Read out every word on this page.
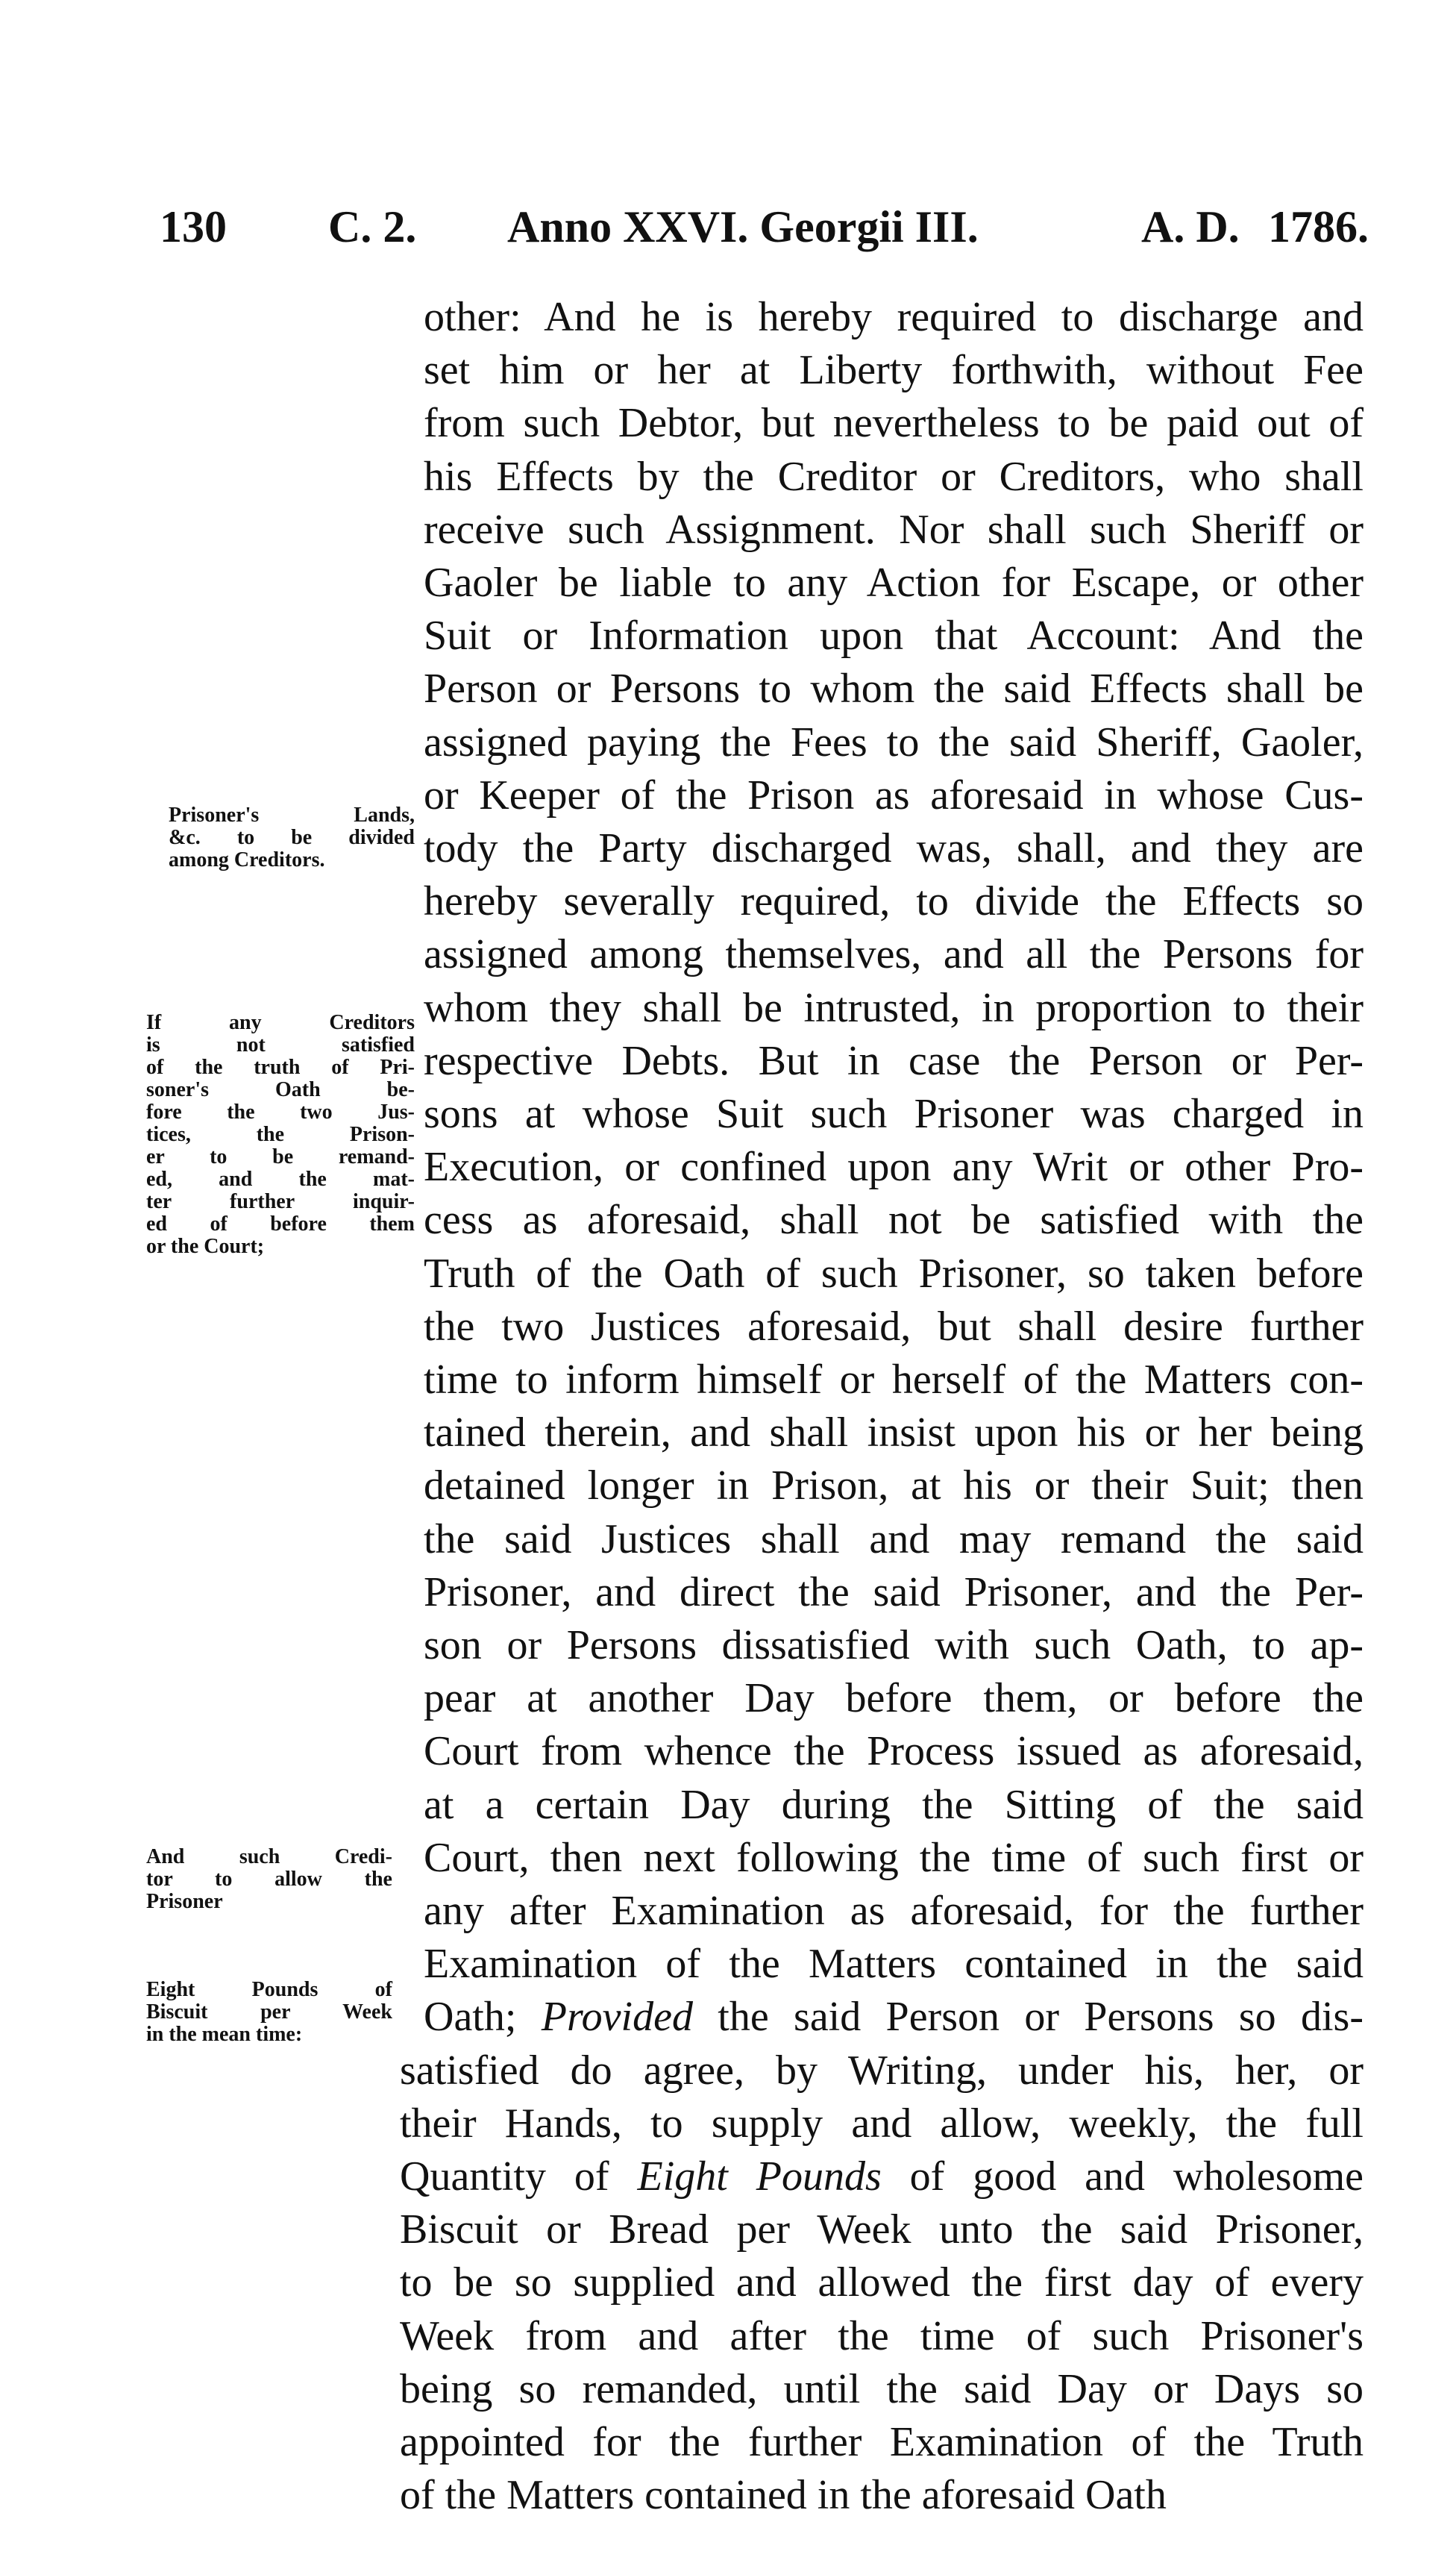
130 C. 2. Anno XXVI. Georgii III.	A. D. 1786.
other: And he is hereby required to discharge and
set him or her at Liberty forthwith, without Fee
from such Debtor, but nevertheless to be paid out of
his Effects by the Creditor or Creditors, who shall
receive such Assignment. Nor shall such Sheriff or
Gaoler be liable to any Action for Escape, or other
Suit or Information upon that Account: And the
Person or Persons to whom the said Effects shall be
assigned paying the Fees to the said Sheriff, Gaoler,
or Keeper of the Prison as aforesaid in whose Cus-
tody the Party discharged was, shall, and they are
hereby severally required, to divide the Effects so
assigned among themselves, and all the Persons for
whom they shall be intrusted, in proportion to their
respective Debts. But in case the Person or Per-
sons at whose Suit such Prisoner was charged in
Execution, or confined upon any Writ or other Pro-
cess as aforesaid, shall not be satisfied with the
Truth of the Oath of such Prisoner, so taken before
the two Justices aforesaid, but shall desire further
time to inform himself or herself of the Matters con-
tained therein, and shall insist upon his or her being
detained longer in Prison, at his or their Suit; then
the said Justices shall and may remand the said
Prisoner, and direct the said Prisoner, and the Per-
son or Persons dissatisfied with such Oath, to ap-
pear at another Day before them, or before the
Court from whence the Process issued as aforesaid,
at a certain Day during the Sitting of the said
Court, then next following the time of such first or
any after Examination as aforesaid, for the further
Examination of the Matters contained in the said
Oath; Provided the said Person or Persons so dis-
satisfied do agree, by Writing, under his, her, or
their Hands, to supply and allow, weekly, the full
Quantity of Eight Pounds of good and wholesome
Biscuit or Bread per Week unto the said Prisoner,
to be so supplied and allowed the first day of every
Week from and after the time of such Prisoner's
being so remanded, until the said Day or Days so
appointed for the further Examination of the Truth
of the Matters contained in the aforesaid Oath
Prisoner's Lands,
&c. to be divided
among Creditors.
If any Creditors
is not satisfied
of the truth of Pri-
soner's Oath be-
fore the two Jus-
tices, the Prison-
er to be remand-
ed, and the mat-
ter further inquir-
ed of before them
or the Court;
And such Credi-
tor to allow the
Prisoner
Eight Pounds of
Biscuit per Week
in the mean time:
